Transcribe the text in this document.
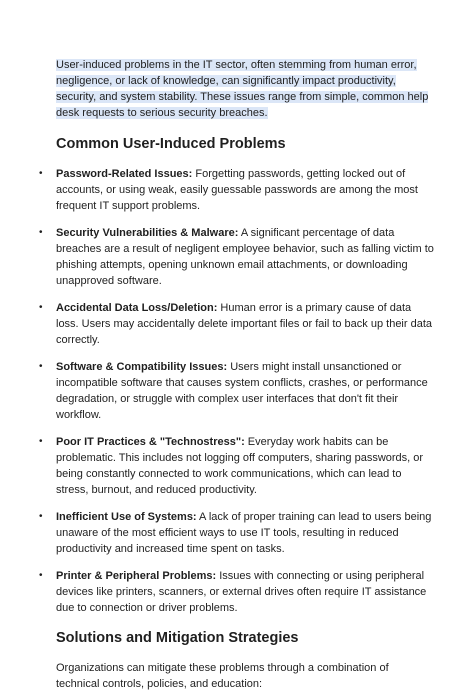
User-induced problems in the IT sector, often stemming from human error, negligence, or lack of knowledge, can significantly impact productivity, security, and system stability. These issues range from simple, common help desk requests to serious security breaches.

Common User-Induced Problems
• Password-Related Issues: Forgetting passwords, getting locked out of accounts, or using weak, easily guessable passwords are among the most frequent IT support problems.
• Security Vulnerabilities & Malware: A significant percentage of data breaches are a result of negligent employee behavior, such as falling victim to phishing attempts, opening unknown email attachments, or downloading unapproved software.
• Accidental Data Loss/Deletion: Human error is a primary cause of data loss. Users may accidentally delete important files or fail to back up their data correctly.
• Software & Compatibility Issues: Users might install unsanctioned or incompatible software that causes system conflicts, crashes, or performance degradation, or struggle with complex user interfaces that don't fit their workflow.
• Poor IT Practices & "Technostress": Everyday work habits can be problematic. This includes not logging off computers, sharing passwords, or being constantly connected to work communications, which can lead to stress, burnout, and reduced productivity.
• Inefficient Use of Systems: A lack of proper training can lead to users being unaware of the most efficient ways to use IT tools, resulting in reduced productivity and increased time spent on tasks.
• Printer & Peripheral Problems: Issues with connecting or using peripheral devices like printers, scanners, or external drives often require IT assistance due to connection or driver problems.
Solutions and Mitigation Strategies

Organizations can mitigate these problems through a combination of technical controls, policies, and education:
